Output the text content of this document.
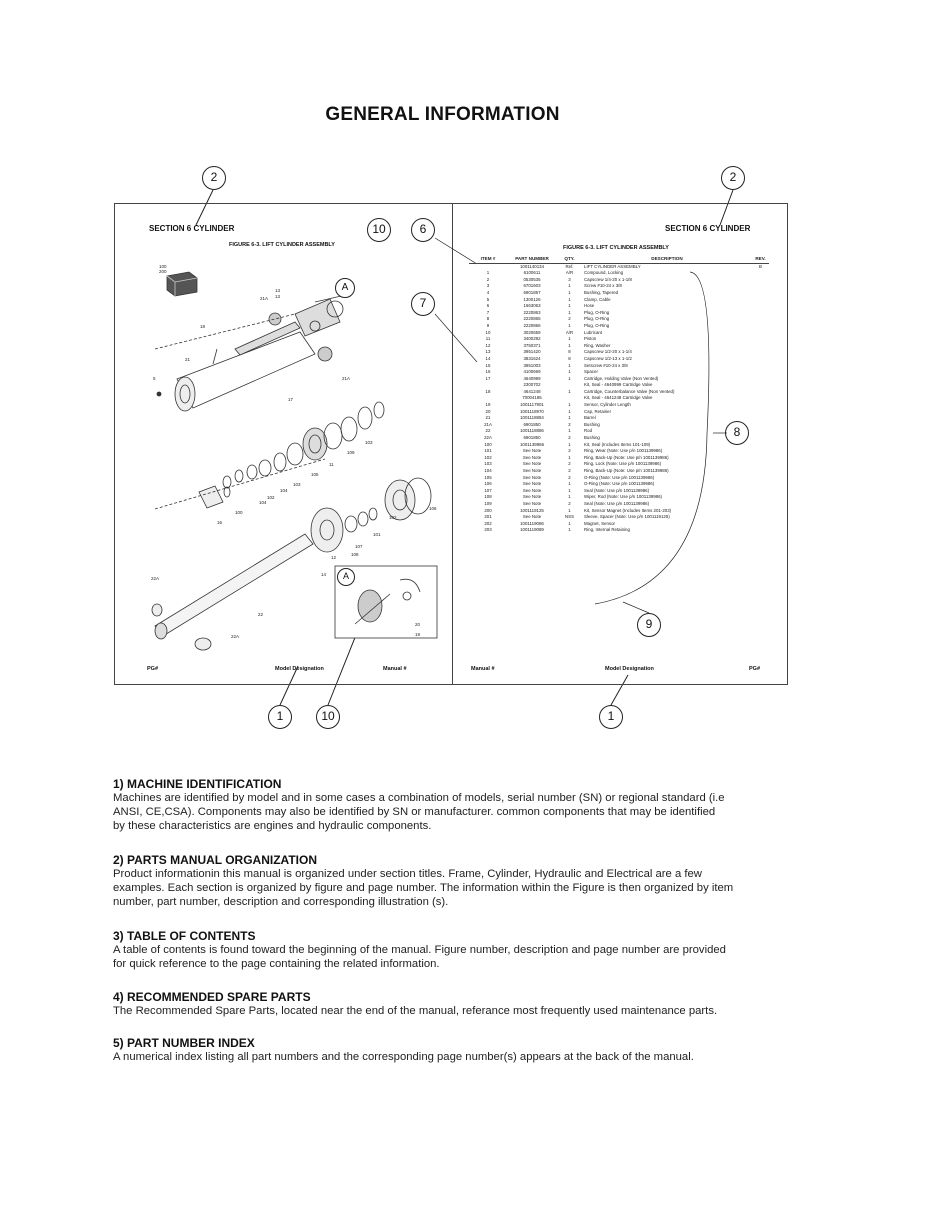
GENERAL INFORMATION
2	2
1	10	1
SECTION 6 CYLINDER
FIGURE 6-3. LIFT CYLINDER ASSEMBLY
100
200
13
13
21A
18
21
5
17
21A
103
109
11
105
103
104
102
104
100
16
102
106
101
107
108
12
14
22A
22
22A
20
19
10
A
A
PG#	Model Designation	Manual #
SECTION 6 CYLINDER
6
7
8
9
FIGURE 6-3. LIFT CYLINDER ASSEMBLY
ITEM #	PART NUMBER	QTY.	DESCRIPTION	REV.
	1001140134	Ref.	LIFT CYLINDER ASSEMBLY	B
1	6100611	A/R	Compound, Locking	
2	0530535	3	Capscrew 1/4-20 x 1-1/8	
3	6701603	1	Screw #10-24 x 3/8	
4	6901857	1	Bushing, Tapered	
5	1300126	1	Clamp, Cable	
6	1663063	1	Hose	
7	2220863	1	Plug, O-Ring	
8	2220865	2	Plug, O-Ring	
9	2220866	1	Plug, O-Ring	
10	3020659	A/R	Lubricant	
11	3400292	1	Piston	
12	3750371	1	Ring, Washer	
13	3951420	8	Capscrew 1/2-20 x 1-1/4	
14	3831624	8	Capscrew 1/2-13 x 1-1/2	
15	3951003	1	Setscrew #10-24 x 3/8	
16	4100669	1	Spacer	
17	4640999	1	Cartridge, Holding Valve (Non Vented)	
	2300702		Kit, Seal - 4640999 Cartridge Valve	
18	4641248	1	Cartridge, Counterbalance Valve (Non Vented)	
	70004185		Kit, Seal - 4641248 Cartridge Valve	
19	1001117901	1	Sensor, Cylinder Length	
20	1001118970	1	Cap, Retainer	
21	1001118884	1	Barrel	
21A	6901850	2	Bushing	
22	1001118886	1	Rod	
22A	6901850	2	Bushing	
100	1001139986	1	Kit, Seal (Includes Items 101-109)	
101	See Note	2	Ring, Wear (Note: Use p/n 1001139986)	
102	See Note	1	Ring, Back-Up (Note: Use p/n 1001139986)	
103	See Note	2	Ring, Lock (Note: Use p/n 1001139986)	
104	See Note	2	Ring, Back-Up (Note: Use p/n 1001139986)	
105	See Note	2	O-Ring (Note: Use p/n 1001139986)	
106	See Note	1	O-Ring (Note: Use p/n 1001139986)	
107	See Note	1	Seal (Note: Use p/n 1001139986)	
108	See Note	1	Wiper, Rod (Note: Use p/n 1001139986)	
109	See Note	2	Seal (Note: Use p/n 1001139986)	
200	1001119125	1	Kit, Sensor Magnet (Includes Items 201-203)	
201	See Note	NSS	Sleeve, Spacer (Note: Use p/n 1001119125)	
202	1001119086	1	Magnet, Sensor	
203	1001119089	1	Ring, Internal Retaining	
Manual #	Model Designation	PG#
1) MACHINE IDENTIFICATION

Machines are identified by model and in some cases a combination of models, serial number (SN) or regional standard (i.e

ANSI, CE,CSA). Components may also be identified by SN or manufacturer. common components that may be identified

by these characteristics are engines and hydraulic components.

2) PARTS MANUAL ORGANIZATION

Product informationin this manual is organized under section titles. Frame, Cylinder, Hydraulic and Electrical are a few

examples. Each section is organized by figure and page number. The information within the Figure is then organized by item

number, part number, description and corresponding illustration (s).

3) TABLE OF CONTENTS

A table of contents is found toward the beginning of the manual. Figure number, description and page number are provided

for quick reference to the page containing the related information.

4) RECOMMENDED SPARE PARTS

The Recommended Spare Parts, located near the end of the manual, referance most frequently used maintenance parts.

5) PART NUMBER INDEX

A numerical index listing all part numbers and the corresponding page number(s) appears at the back of the manual.
